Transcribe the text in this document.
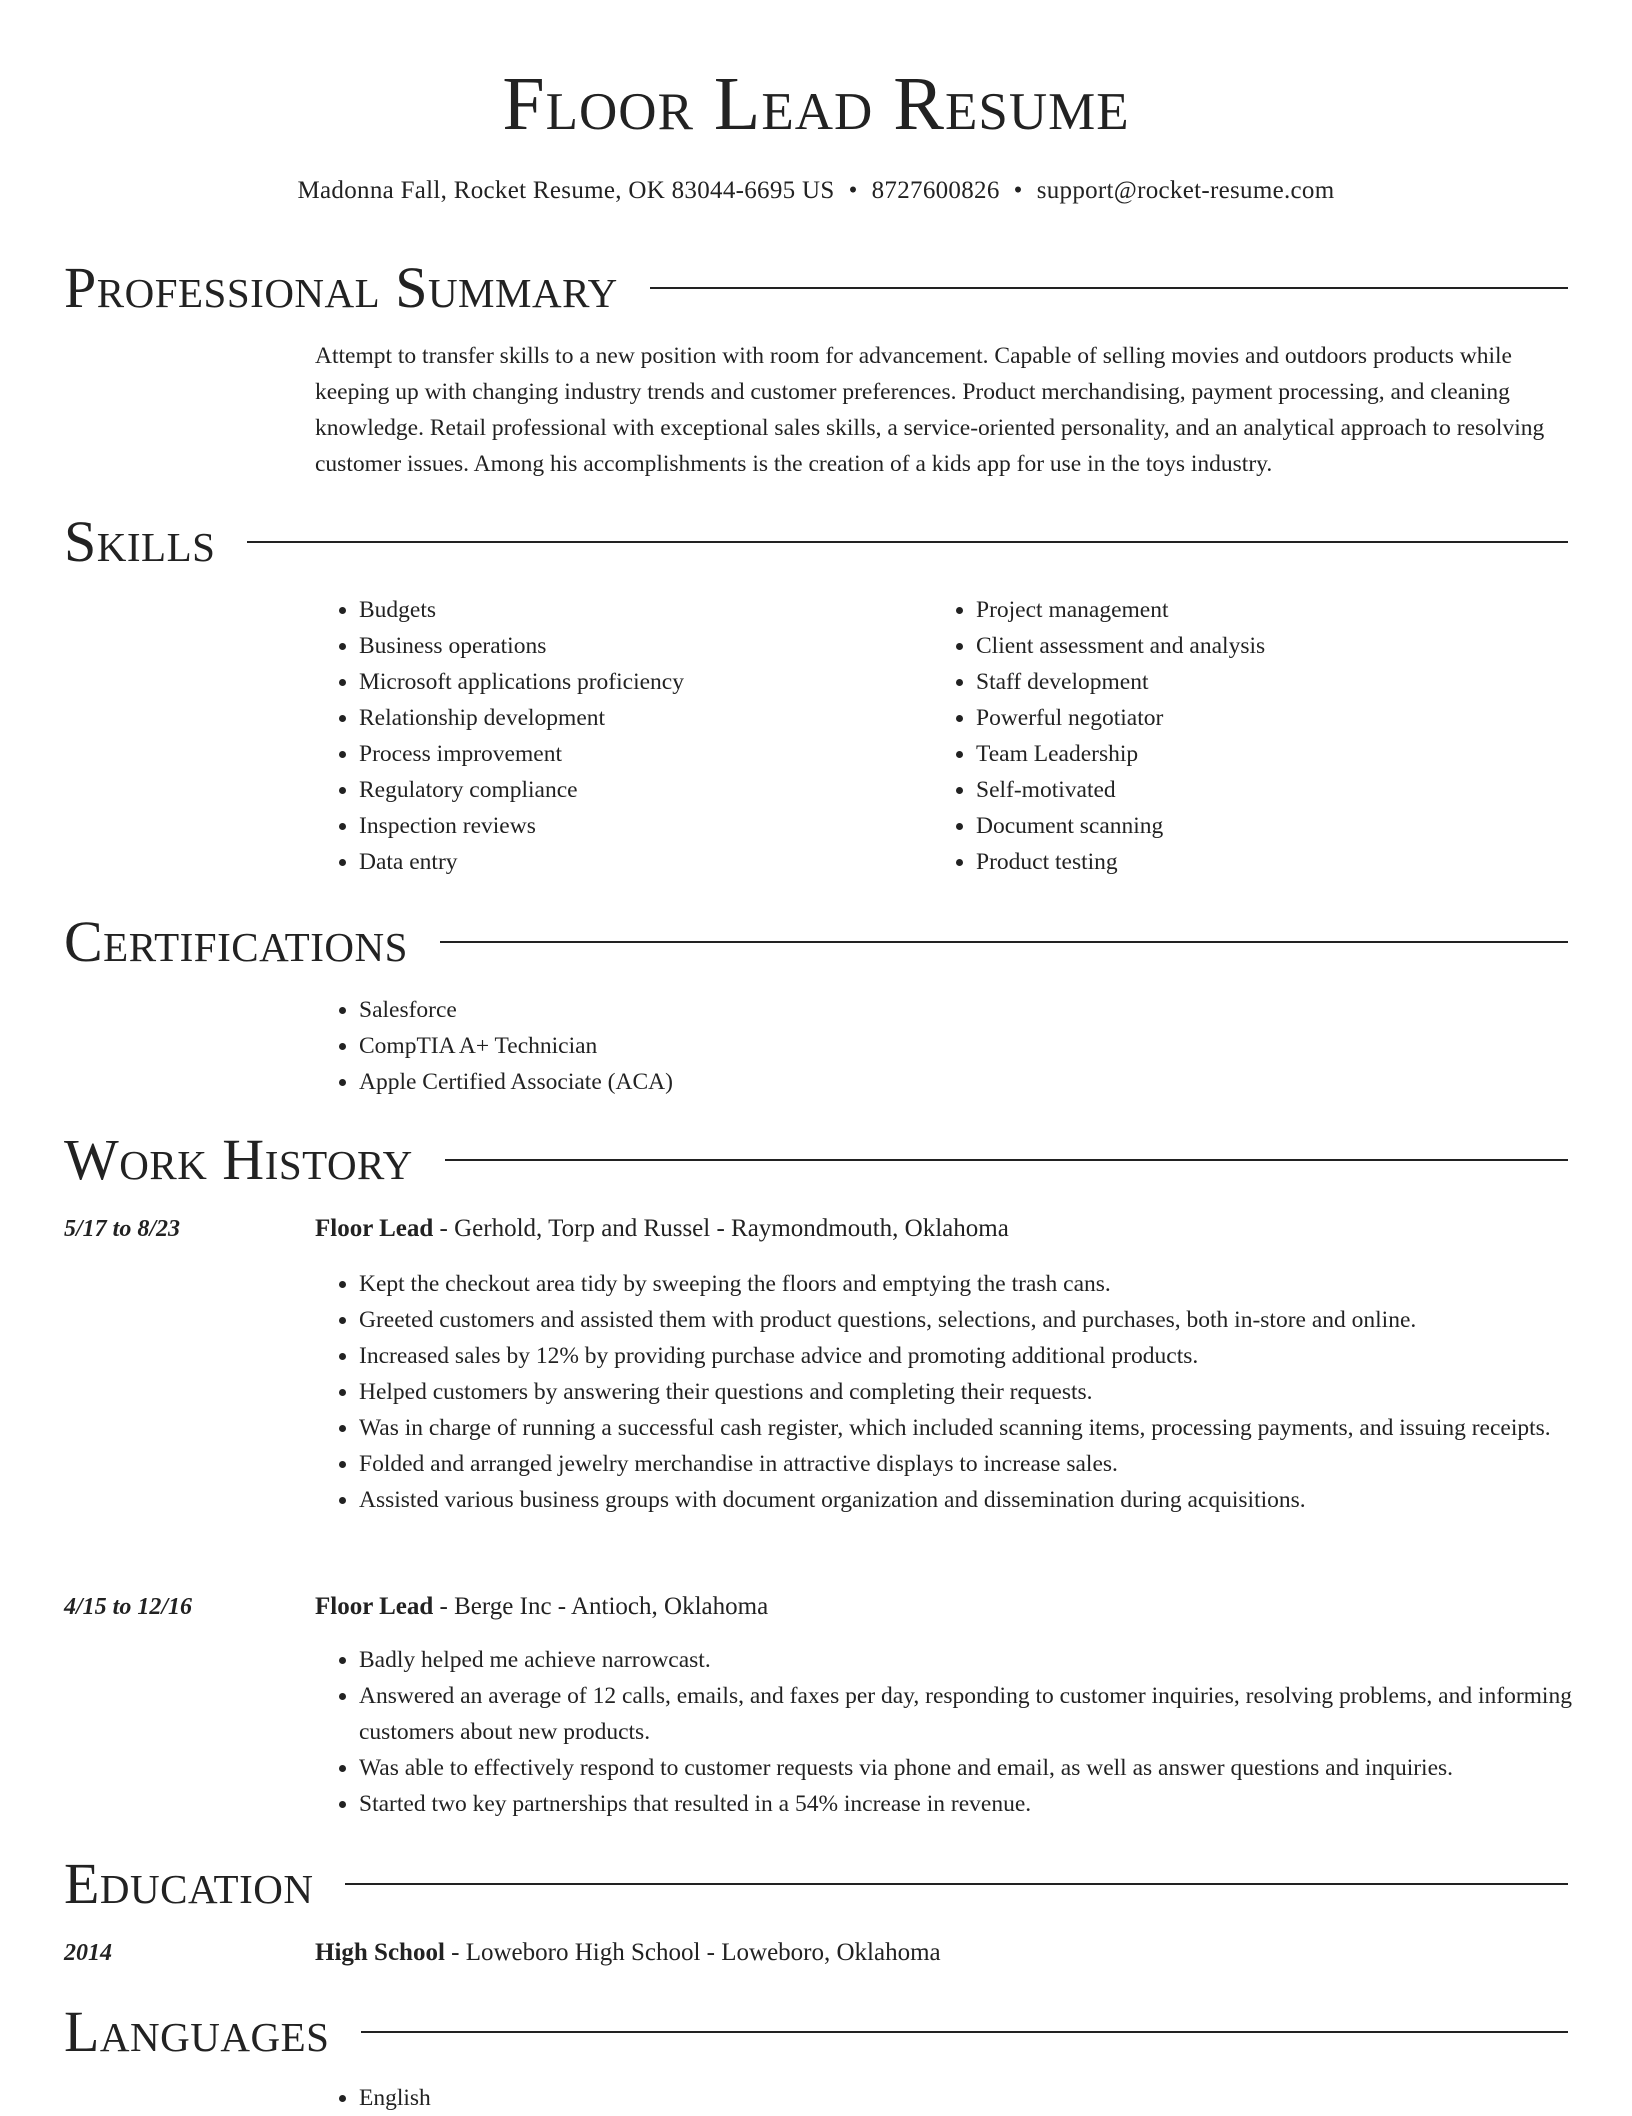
Floor Lead Resume
Madonna Fall, Rocket Resume, OK 83044-6695 US • 8727600826 • support@rocket-resume.com
Professional Summary

Attempt to transfer skills to a new position with room for advancement. Capable of selling movies and outdoors products while keeping up with changing industry trends and customer preferences. Product merchandising, payment processing, and cleaning knowledge. Retail professional with exceptional sales skills, a service-oriented personality, and an analytical approach to resolving customer issues. Among his accomplishments is the creation of a kids app for use in the toys industry.

Skills
• Budgets
• Business operations
• Microsoft applications proficiency
• Relationship development
• Process improvement
• Regulatory compliance
• Inspection reviews
• Data entry
• Project management
• Client assessment and analysis
• Staff development
• Powerful negotiator
• Team Leadership
• Self-motivated
• Document scanning
• Product testing
Certifications
• Salesforce
• CompTIA A+ Technician
• Apple Certified Associate (ACA)
Work History
5/17 to 8/23	Floor Lead - Gerhold, Torp and Russel - Raymondmouth, Oklahoma
• Kept the checkout area tidy by sweeping the floors and emptying the trash cans.
• Greeted customers and assisted them with product questions, selections, and purchases, both in-store and online.
• Increased sales by 12% by providing purchase advice and promoting additional products.
• Helped customers by answering their questions and completing their requests.
• Was in charge of running a successful cash register, which included scanning items, processing payments, and issuing receipts.
• Folded and arranged jewelry merchandise in attractive displays to increase sales.
• Assisted various business groups with document organization and dissemination during acquisitions.
4/15 to 12/16	Floor Lead - Berge Inc - Antioch, Oklahoma
• Badly helped me achieve narrowcast.
• Answered an average of 12 calls, emails, and faxes per day, responding to customer inquiries, resolving problems, and informing customers about new products.
• Was able to effectively respond to customer requests via phone and email, as well as answer questions and inquiries.
• Started two key partnerships that resulted in a 54% increase in revenue.
Education
2014	High School - Loweboro High School - Loweboro, Oklahoma
Languages
• English
